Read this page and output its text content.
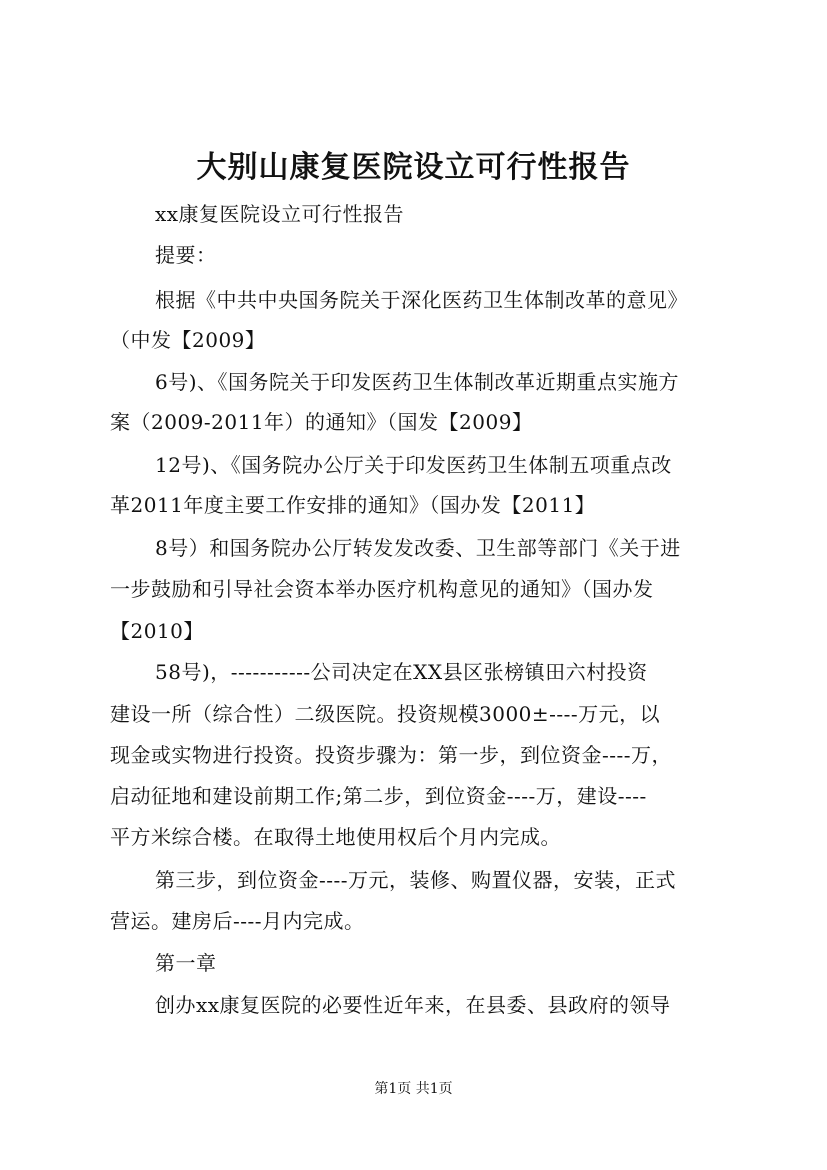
大别山康复医院设立可行性报告
xx康复医院设立可行性报告
提要：
根据《中共中央国务院关于深化医药卫生体制改革的意见》
（中发【2009】
6号)、《国务院关于印发医药卫生体制改革近期重点实施方
案（2009-2011年）的通知》（国发【2009】
12号)、《国务院办公厅关于印发医药卫生体制五项重点改
革2011年度主要工作安排的通知》（国办发【2011】
8号）和国务院办公厅转发发改委、卫生部等部门《关于进
一步鼓励和引导社会资本举办医疗机构意见的通知》（国办发
【2010】
58号)，-----------公司决定在XX县区张榜镇田六村投资
建设一所（综合性）二级医院。投资规模3000±----万元，以
现金或实物进行投资。投资步骤为：第一步，到位资金----万，
启动征地和建设前期工作;第二步，到位资金----万，建设----
平方米综合楼。在取得土地使用权后个月内完成。
第三步，到位资金----万元，装修、购置仪器，安装，正式
营运。建房后----月内完成。
第一章
创办xx康复医院的必要性近年来，在县委、县政府的领导
第1页 共1页
